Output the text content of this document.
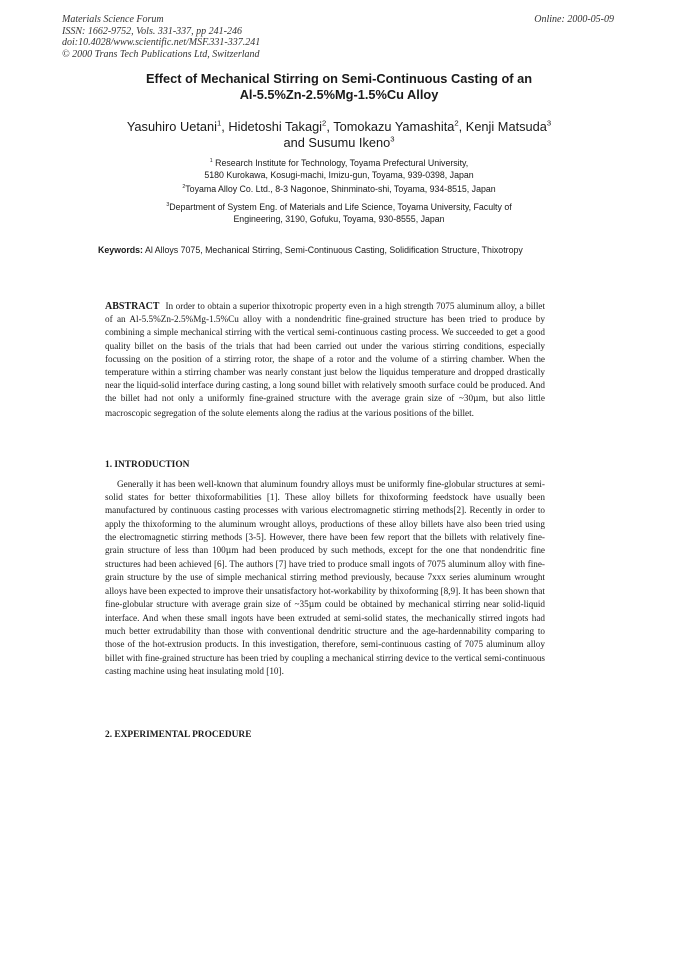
Materials Science Forum
ISSN: 1662-9752, Vols. 331-337, pp 241-246
doi:10.4028/www.scientific.net/MSF.331-337.241
© 2000 Trans Tech Publications Ltd, Switzerland
Online: 2000-05-09
Effect of Mechanical Stirring on Semi-Continuous Casting of an
Al-5.5%Zn-2.5%Mg-1.5%Cu Alloy
Yasuhiro Uetani$^1$, Hidetoshi Takagi$^2$, Tomokazu Yamashita$^2$, Kenji Matsuda$^3$
and Susumu Ikeno$^3$
$^1$ Research Institute for Technology, Toyama Prefectural University,
5180 Kurokawa, Kosugi-machi, Imizu-gun, Toyama, 939-0398, Japan
$^2$Toyama Alloy Co. Ltd., 8-3 Nagonoe, Shinminato-shi, Toyama, 934-8515, Japan
$^3$Department of System Eng. of Materials and Life Science, Toyama University, Faculty of
Engineering, 3190, Gofuku, Toyama, 930-8555, Japan
Keywords: Al Alloys 7075, Mechanical Stirring, Semi-Continuous Casting, Solidification Structure, Thixotropy
ABSTRACT In order to obtain a superior thixotropic property even in a high strength 7075 aluminum alloy, a billet of an Al-5.5%Zn-2.5%Mg-1.5%Cu alloy with a nondendritic fine-grained structure has been tried to produce by combining a simple mechanical stirring with the vertical semi-continuous casting process. We succeeded to get a good quality billet on the basis of the trials that had been carried out under the various stirring conditions, especially focussing on the position of a stirring rotor, the shape of a rotor and the volume of a stirring chamber. When the temperature within a stirring chamber was nearly constant just below the liquidus temperature and dropped drastically near the liquid-solid interface during casting, a long sound billet with relatively smooth surface could be produced. And the billet had not only a uniformly fine-grained structure with the average grain size of ~30μm, but also little macroscopic segregation of the solute elements along the radius at the various positions of the billet.
1. INTRODUCTION
Generally it has been well-known that aluminum foundry alloys must be uniformly fine-globular structures at semi-solid states for better thixoformabilities [1]. These alloy billets for thixoforming feedstock have usually been manufactured by continuous casting processes with various electromagnetic stirring methods[2]. Recently in order to apply the thixoforming to the aluminum wrought alloys, productions of these alloy billets have also been tried using the electromagnetic stirring methods [3-5]. However, there have been few report that the billets with relatively fine-grain structure of less than 100μm had been produced by such methods, except for the one that nondendritic fine structures had been achieved [6]. The authors [7] have tried to produce small ingots of 7075 aluminum alloy with fine-grain structure by the use of simple mechanical stirring method previously, because 7xxx series aluminum wrought alloys have been expected to improve their unsatisfactory hot-workability by thixoforming [8,9]. It has been shown that fine-globular structure with average grain size of ~35μm could be obtained by mechanical stirring near solid-liquid interface. And when these small ingots have been extruded at semi-solid states, the mechanically stirred ingots had much better extrudability than those with conventional dendritic structure and the age-hardennability comparing to those of the hot-extrusion products. In this investigation, therefore, semi-continuous casting of 7075 aluminum alloy billet with fine-grained structure has been tried by coupling a mechanical stirring device to the vertical semi-continuous casting machine using heat insulating mold [10].
2. EXPERIMENTAL PROCEDURE
